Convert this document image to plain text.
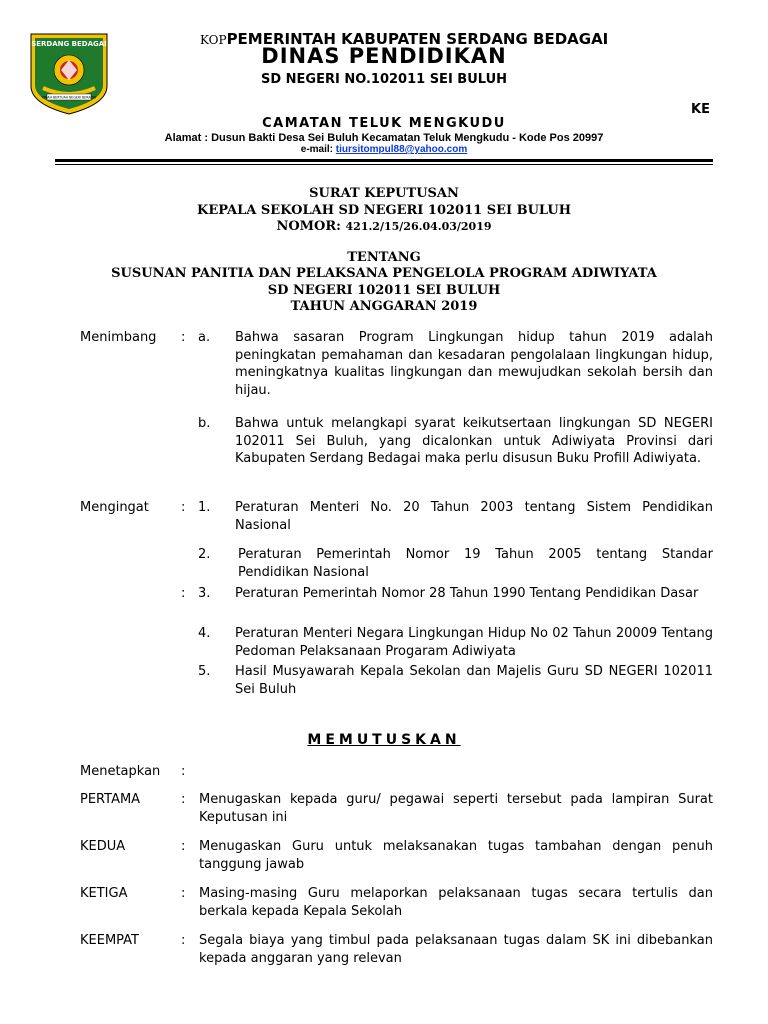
SERDANG BEDAGAI
TANAH BERTUAH NEGERI BERADAT
KOPPEMERINTAH KABUPATEN SERDANG BEDAGAI
DINAS PENDIDIKAN
SD NEGERI NO.102011 SEI BULUH
KE
CAMATAN TELUK MENGKUDU
Alamat : Dusun Bakti Desa Sei Buluh Kecamatan Teluk Mengkudu - Kode Pos 20997
e-mail: tiursitompul88@yahoo.com
SURAT KEPUTUSAN
KEPALA SEKOLAH SD NEGERI 102011 SEI BULUH
NOMOR: 421.2/15/26.04.03/2019
TENTANG
SUSUNAN PANITIA DAN PELAKSANA PENGELOLA PROGRAM ADIWIYATA
SD NEGERI 102011 SEI BULUH
TAHUN ANGGARAN 2019
Menimbang : a. Bahwa sasaran Program Lingkungan hidup tahun 2019 adalah peningkatan pemahaman dan kesadaran pengolalaan lingkungan hidup, meningkatnya kualitas lingkungan dan mewujudkan sekolah bersih dan hijau.
b. Bahwa untuk melangkapi syarat keikutsertaan lingkungan SD NEGERI 102011 Sei Buluh, yang dicalonkan untuk Adiwiyata Provinsi dari Kabupaten Serdang Bedagai maka perlu disusun Buku Profill Adiwiyata.
Mengingat : 1. Peraturan Menteri No. 20 Tahun 2003 tentang Sistem Pendidikan Nasional
2. Peraturan Pemerintah Nomor 19 Tahun 2005 tentang Standar Pendidikan Nasional
: 3. Peraturan Pemerintah Nomor 28 Tahun 1990 Tentang Pendidikan Dasar
4. Peraturan Menteri Negara Lingkungan Hidup No 02 Tahun 20009 Tentang Pedoman Pelaksanaan Progaram Adiwiyata
5. Hasil Musyawarah Kepala Sekolan dan Majelis Guru SD NEGERI 102011 Sei Buluh
MEMUTUSKAN
Menetapkan :
PERTAMA	: Menugaskan kepada guru/ pegawai seperti tersebut pada lampiran Surat Keputusan ini
KEDUA	: Menugaskan Guru untuk melaksanakan tugas tambahan dengan penuh tanggung jawab
KETIGA	: Masing-masing Guru melaporkan pelaksanaan tugas secara tertulis dan berkala kepada Kepala Sekolah
KEEMPAT	: Segala biaya yang timbul pada pelaksanaan tugas dalam SK ini dibebankan kepada anggaran yang relevan
